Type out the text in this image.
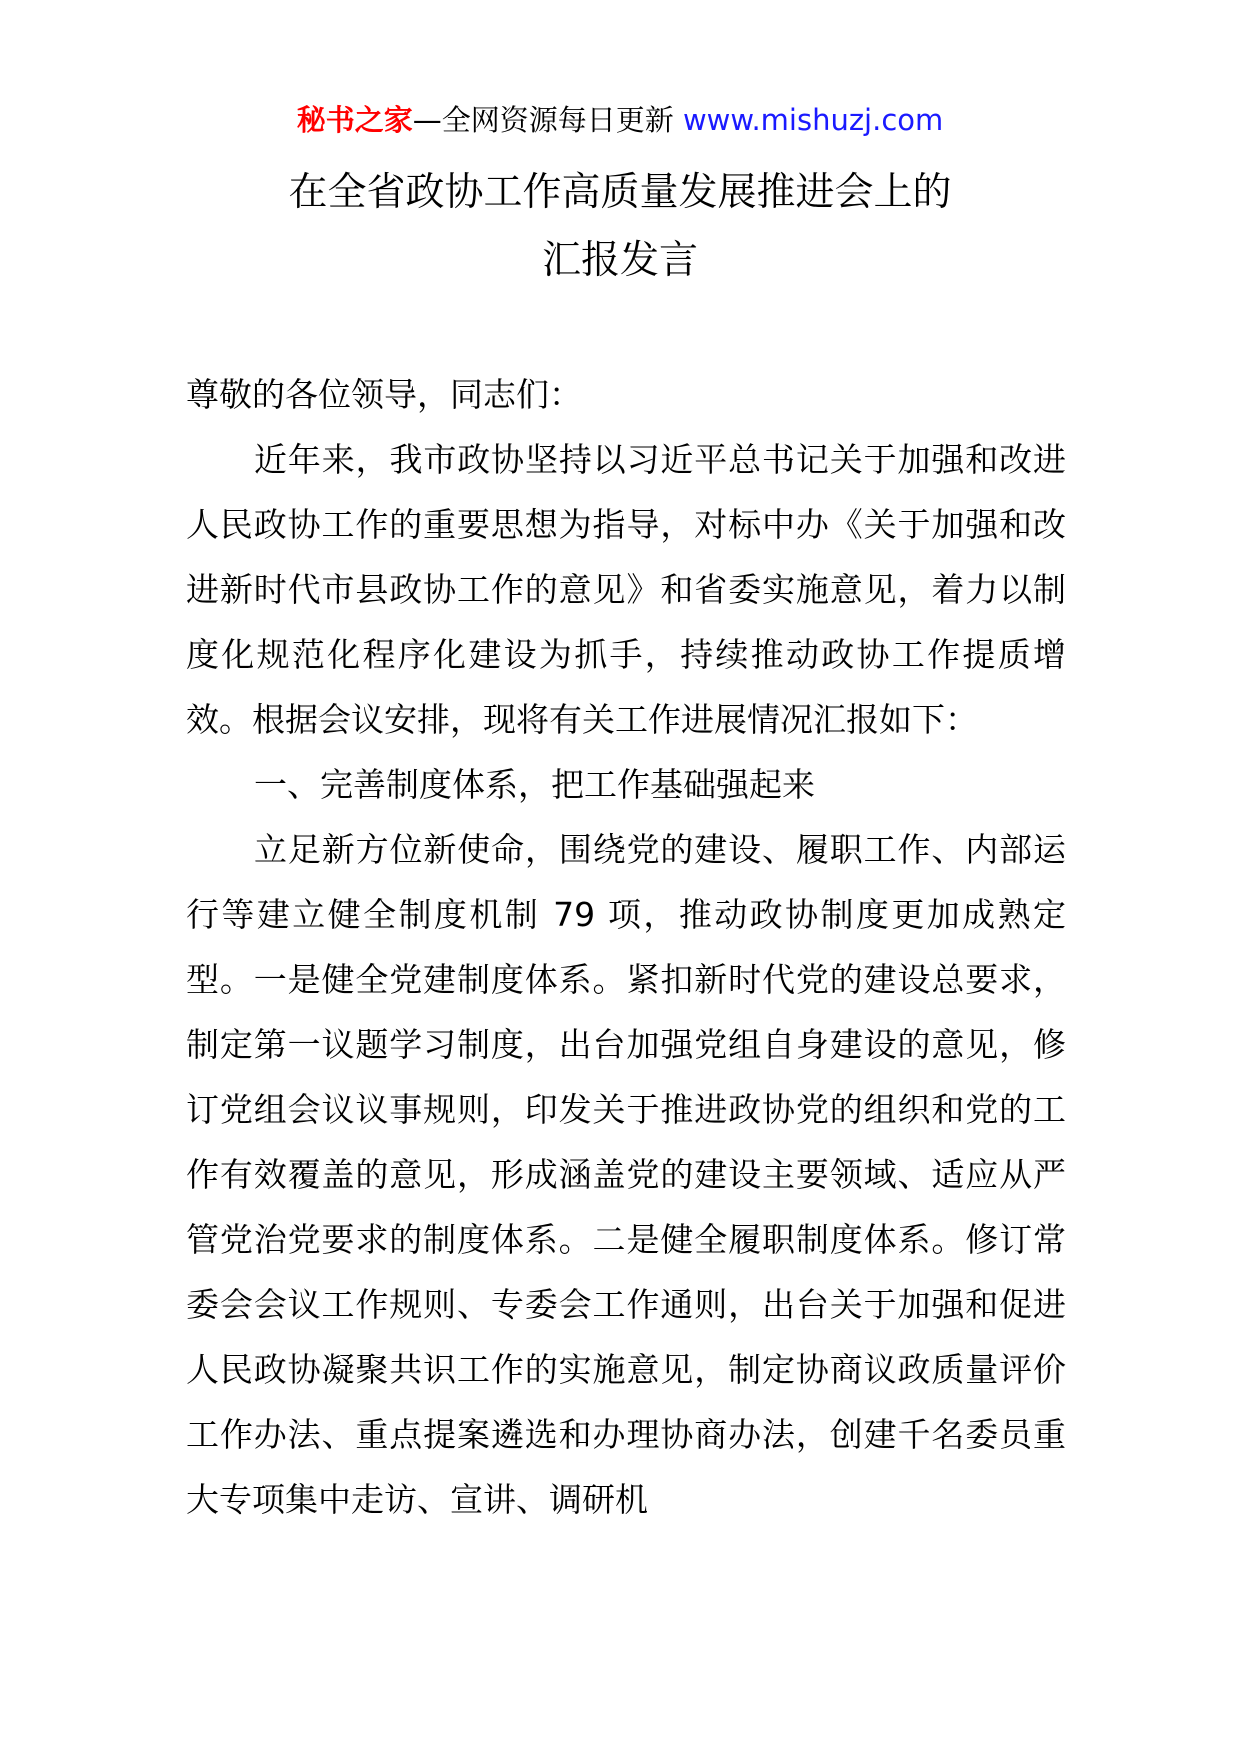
秘书之家—全网资源每日更新 www.mishuzj.com
在全省政协工作高质量发展推进会上的
汇报发言

尊敬的各位领导，同志们：

近年来，我市政协坚持以习近平总书记关于加强和改进人民政协工作的重要思想为指导，对标中办《关于加强和改进新时代市县政协工作的意见》和省委实施意见，着力以制度化规范化程序化建设为抓手，持续推动政协工作提质增效。根据会议安排，现将有关工作进展情况汇报如下：

一、完善制度体系，把工作基础强起来

立足新方位新使命，围绕党的建设、履职工作、内部运行等建立健全制度机制 79 项，推动政协制度更加成熟定型。一是健全党建制度体系。紧扣新时代党的建设总要求，制定第一议题学习制度，出台加强党组自身建设的意见，修订党组会议议事规则，印发关于推进政协党的组织和党的工作有效覆盖的意见，形成涵盖党的建设主要领域、适应从严管党治党要求的制度体系。二是健全履职制度体系。修订常委会会议工作规则、专委会工作通则，出台关于加强和促进人民政协凝聚共识工作的实施意见，制定协商议政质量评价工作办法、重点提案遴选和办理协商办法，创建千名委员重大专项集中走访、宣讲、调研机
